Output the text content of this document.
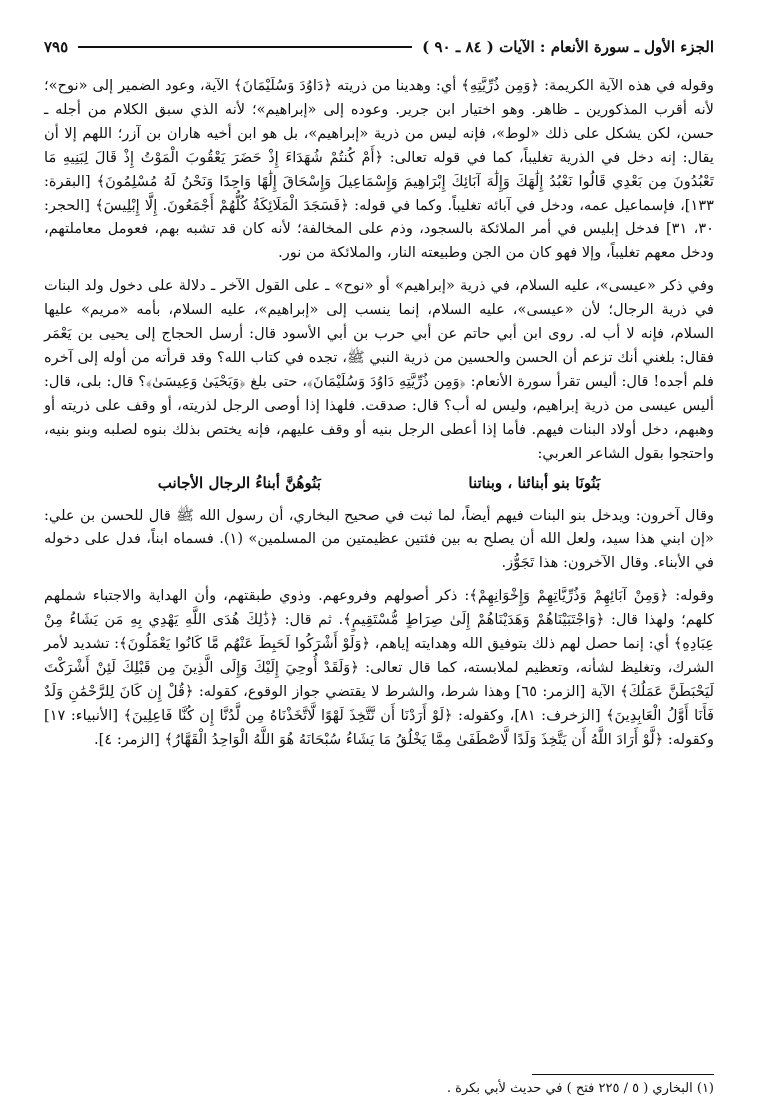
الجزء الأول ـ سورة الأنعام : الآيات ( ٨٤ ـ ٩٠ )
٧٩٥

وقوله في هذه الآية الكريمة: ﴿وَمِن ذُرِّيَّتِهِ﴾ أي: وهدينا من ذريته ﴿دَاوُدَ وَسُلَيْمَانَ﴾ الآية، وعود الضمير إلى «نوح»؛ لأنه أقرب المذكورين ـ ظاهر. وهو اختيار ابن جرير. وعوده إلى «إبراهيم»؛ لأنه الذي سبق الكلام من أجله ـ حسن، لكن يشكل على ذلك «لوط»، فإنه ليس من ذرية «إبراهيم»، بل هو ابن أخيه هاران بن آزر؛ اللهم إلا أن يقال: إنه دخل في الذرية تغليباً، كما في قوله تعالى: ﴿أَمْ كُنتُمْ شُهَدَاءَ إِذْ حَضَرَ يَعْقُوبَ الْمَوْتُ إِذْ قَالَ لِبَنِيهِ مَا تَعْبُدُونَ مِن بَعْدِي قَالُوا نَعْبُدُ إِلَٰهَكَ وَإِلَٰهَ آبَائِكَ إِبْرَاهِيمَ وَإِسْمَاعِيلَ وَإِسْحَاقَ إِلَٰهًا وَاحِدًا وَنَحْنُ لَهُ مُسْلِمُونَ﴾ [البقرة: ١٣٣]، فإسماعيل عمه، ودخل في آبائه تغليباً. وكما في قوله: ﴿فَسَجَدَ الْمَلَائِكَةُ كُلُّهُمْ أَجْمَعُونَ. إِلَّا إِبْلِيسَ﴾ [الحجر: ٣٠، ٣١] فدخل إبليس في أمر الملائكة بالسجود، وذم على المخالفة؛ لأنه كان قد تشبه بهم، فعومل معاملتهم، ودخل معهم تغليباً، وإلا فهو كان من الجن وطبيعته النار، والملائكة من نور.

وفي ذكر «عيسى»، عليه السلام، في ذرية «إبراهيم» أو «نوح» ـ على القول الآخر ـ دلالة على دخول ولد البنات في ذرية الرجال؛ لأن «عيسى»، عليه السلام، إنما ينسب إلى «إبراهيم»، عليه السلام، بأمه «مريم» عليها السلام، فإنه لا أب له. روى ابن أبي حاتم عن أبي حرب بن أبي الأسود قال: أرسل الحجاج إلى يحيى بن يَعْمَر فقال: بلغني أنك تزعم أن الحسن والحسين من ذرية النبي ﷺ، تجده في كتاب الله؟ وقد قرأته من أوله إلى آخره فلم أجده! قال: أليس تقرأ سورة الأنعام: ﴿وَمِن ذُرِّيَّتِهِ دَاوُدَ وَسُلَيْمَانَ﴾، حتى بلغ ﴿وَيَحْيَىٰ وَعِيسَىٰ﴾؟ قال: بلى، قال: أليس عيسى من ذرية إبراهيم، وليس له أب؟ قال: صدقت. فلهذا إذا أوصى الرجل لذريته، أو وقف على ذريته أو وهبهم، دخل أولاد البنات فيهم. فأما إذا أعطى الرجل بنيه أو وقف عليهم، فإنه يختص بذلك بنوه لصلبه وبنو بنيه، واحتجوا بقول الشاعر العربي:

بَنُونَا بنو أبنائنا ، وبناتنا
بَنُوهُنَّ أبناءُ الرجال الأجانب

وقال آخرون: ويدخل بنو البنات فيهم أيضاً، لما ثبت في صحيح البخاري، أن رسول الله ﷺ قال للحسن بن علي: «إن ابني هذا سيد، ولعل الله أن يصلح به بين فئتين عظيمتين من المسلمين» (١). فسماه ابناً، فدل على دخوله في الأبناء. وقال الآخرون: هذا تَجَوُّز.

وقوله: ﴿وَمِنْ آبَائِهِمْ وَذُرِّيَّاتِهِمْ وَإِخْوَانِهِمْ﴾: ذكر أصولهم وفروعهم. وذوي طبقتهم، وأن الهداية والاجتباء شملهم كلهم؛ ولهذا قال: ﴿وَاجْتَبَيْنَاهُمْ وَهَدَيْنَاهُمْ إِلَىٰ صِرَاطٍ مُّسْتَقِيمٍ﴾. ثم قال: ﴿ذَٰلِكَ هُدَى اللَّهِ يَهْدِي بِهِ مَن يَشَاءُ مِنْ عِبَادِهِ﴾ أي: إنما حصل لهم ذلك بتوفيق الله وهدايته إياهم، ﴿وَلَوْ أَشْرَكُوا لَحَبِطَ عَنْهُم مَّا كَانُوا يَعْمَلُونَ﴾: تشديد لأمر الشرك، وتغليظ لشأنه، وتعظيم لملابسته، كما قال تعالى: ﴿وَلَقَدْ أُوحِيَ إِلَيْكَ وَإِلَى الَّذِينَ مِن قَبْلِكَ لَئِنْ أَشْرَكْتَ لَيَحْبَطَنَّ عَمَلُكَ﴾ الآية [الزمر: ٦٥] وهذا شرط، والشرط لا يقتضي جواز الوقوع، كقوله: ﴿قُلْ إِن كَانَ لِلرَّحْمَٰنِ وَلَدٌ فَأَنَا أَوَّلُ الْعَابِدِينَ﴾ [الزخرف: ٨١]، وكقوله: ﴿لَوْ أَرَدْنَا أَن نَّتَّخِذَ لَهْوًا لَّاتَّخَذْنَاهُ مِن لَّدُنَّا إِن كُنَّا فَاعِلِينَ﴾ [الأنبياء: ١٧] وكقوله: ﴿لَّوْ أَرَادَ اللَّهُ أَن يَتَّخِذَ وَلَدًا لَّاصْطَفَىٰ مِمَّا يَخْلُقُ مَا يَشَاءُ سُبْحَانَهُ هُوَ اللَّهُ الْوَاحِدُ الْقَهَّارُ﴾ [الزمر: ٤].

(١) البخاري ( ٥ / ٢٢٥ فتح ) في حديث لأبي بكرة .
